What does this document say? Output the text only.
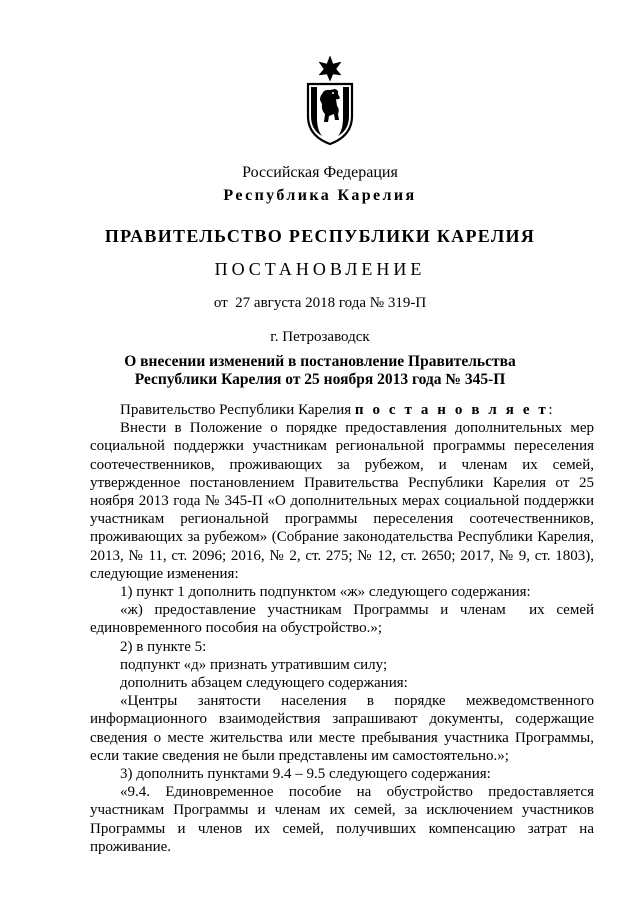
Российская Федерация
Республика Карелия
ПРАВИТЕЛЬСТВО РЕСПУБЛИКИ КАРЕЛИЯ
ПОСТАНОВЛЕНИЕ
от  27 августа 2018 года № 319-П
г. Петрозаводск
О внесении изменений в постановление Правительства
Республики Карелия от 25 ноября 2013 года № 345-П

Правительство Республики Карелия п о с т а н о в л я е т:

Внести в Положение о порядке предоставления дополнительных мер социальной поддержки участникам региональной программы переселения соотечественников, проживающих за рубежом, и членам их семей, утвержденное постановлением Правительства Республики Карелия от 25 ноября 2013 года № 345-П «О дополнительных мерах социальной поддержки участникам региональной программы переселения соотечественников, проживающих за рубежом» (Собрание законодательства Республики Карелия, 2013, № 11, ст. 2096; 2016, № 2, ст. 275; № 12, ст. 2650; 2017, № 9, ст. 1803), следующие изменения:

1) пункт 1 дополнить подпунктом «ж» следующего содержания:

«ж) предоставление участникам Программы и членам  их семей единовременного пособия на обустройство.»;

2) в пункте 5:

подпункт «д» признать утратившим силу;

дополнить абзацем следующего содержания:

«Центры занятости населения в порядке межведомственного информационного взаимодействия запрашивают документы, содержащие сведения о месте жительства или месте пребывания участника Программы, если такие сведения не были представлены им самостоятельно.»;

3) дополнить пунктами 9.4 – 9.5 следующего содержания:

«9.4. Единовременное пособие на обустройство предоставляется участникам Программы и членам их семей, за исключением участников Программы и членов их семей, получивших компенсацию затрат на проживание.
